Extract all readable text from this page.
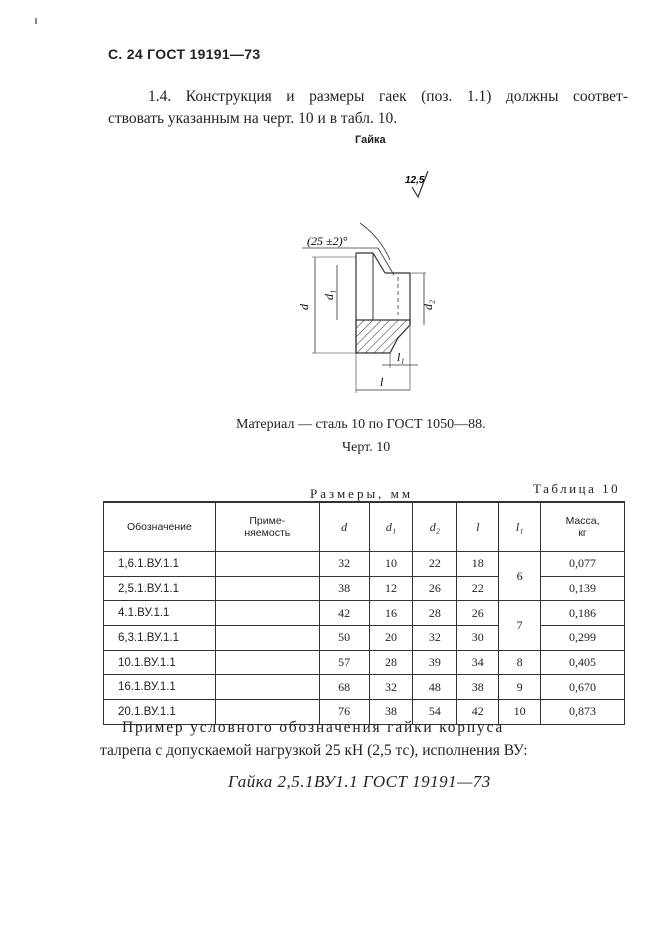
С. 24 ГОСТ 19191—73
1.4. Конструкция и размеры гаек (поз. 1.1) должны соответ-
ствовать указанным на черт. 10 и в табл. 10.
Гайка
12,5
(25 ±2)°
d
d₁
d₂
l₁
l
Материал — сталь 10 по ГОСТ 1050—88.
Черт. 10
Размеры, мм	Таблица 10
Обозначение	Приме-
няемость	d	d₁	d₂	l	l₁	Масса,
кг
1,6.1.ВУ.1.1		32	10	22	18	6	0,077
2,5.1.ВУ.1.1		38	12	26	22		0,139
4.1.ВУ.1.1		42	16	28	26	7	0,186
6,3.1.ВУ.1.1		50	20	32	30		0,299
10.1.ВУ.1.1		57	28	39	34	8	0,405
16.1.ВУ.1.1		68	32	48	38	9	0,670
20.1.ВУ.1.1		76	38	54	42	10	0,873
Пример условного обозначения гайки корпуса
талрепа с допускаемой нагрузкой 25 кН (2,5 тс), исполнения ВУ:
Гайка 2,5.1ВУ1.1 ГОСТ 19191—73
